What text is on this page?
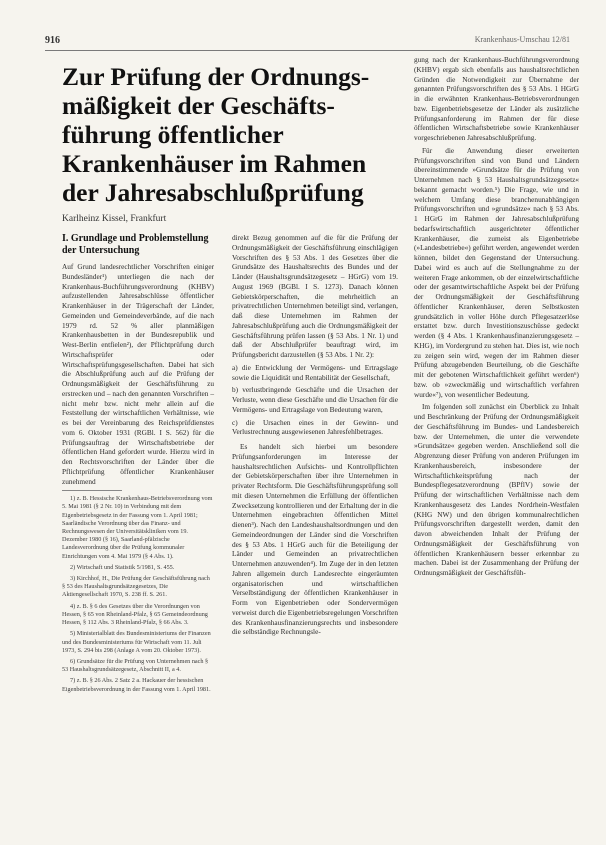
916	Krankenhaus-Umschau 12/81
Zur Prüfung der Ordnungs-
mäßigkeit der Geschäfts-
führung öffentlicher
Krankenhäuser im Rahmen
der Jahresabschlußprüfung
Karlheinz Kissel, Frankfurt
I. Grundlage und Problemstellung der Untersuchung

Auf Grund landesrechtlicher Vorschriften einiger Bundesländer¹) unterliegen die nach der Krankenhaus-Buchführungsverordnung (KHBV) aufzustellenden Jahresabschlüsse öffentlicher Krankenhäuser in der Trägerschaft der Länder, Gemeinden und Gemeindeverbände, auf die nach 1979 rd. 52 % aller planmäßigen Krankenhausbetten in der Bundesrepublik und West-Berlin entfielen²), der Pflichtprüfung durch Wirtschaftsprüfer oder Wirtschaftsprüfungsgesellschaften. Dabei hat sich die Abschlußprüfung auch auf die Prüfung der Ordnungsmäßigkeit der Geschäftsführung zu erstrecken und – nach den genannten Vorschriften – nicht mehr bzw. nicht mehr allein auf die Feststellung der wirtschaftlichen Verhältnisse, wie es bei der Vereinbarung des Reichsprüfdienstes vom 6. Oktober 1931 (RGBl. I S. 562) für die Prüfungsauftrag der Wirtschaftsbetriebe der öffentlichen Hand gefordert wurde. Hierzu wird in den Rechtsvorschriften der Länder über die Pflichtprüfung öffentlicher Krankenhäuser zunehmend

1) z. B. Hessische Krankenhaus-Betriebsverordnung vom 5. Mai 1981 (§ 2 Nr. 10) in Verbindung mit dem Eigenbetriebsgesetz in der Fassung vom 1. April 1981; Saarländische Verordnung über das Finanz- und Rechnungswesen der Universitätskliniken vom 19. Dezember 1980 (§ 16), Saarland-pfälzische Landesverordnung über die Prüfung kommunaler Einrichtungen vom 4. Mai 1979 (§ 4 Abs. 1).

2) Wirtschaft und Statistik 5/1981, S. 455.

3) Kirchhof, H., Die Prüfung der Geschäftsführung nach § 53 des Haushaltsgrundsätzegesetzes, Die Aktiengesellschaft 1970, S. 238 ff. S. 261.

4) z. B. § 6 des Gesetzes über die Verordnungen von Hessen, § 65 von Rheinland-Pfalz, § 65 Gemeindeordnung Hessen, § 112 Abs. 3 Rheinland-Pfalz, § 66 Abs. 3.

5) Ministerialblatt des Bundesministeriums der Finanzen und des Bundesministeriums für Wirtschaft vom 11. Juli 1973, S. 294 bis 298 (Anlage A vom 20. Oktober 1973).

6) Grundsätze für die Prüfung von Unternehmen nach § 53 Haushaltsgrundsätzegesetz, Abschnitt II, a 4.

7) z. B. § 26 Abs. 2 Satz 2 a. Hackauer der hessischen Eigenbetriebsverordnung in der Fassung vom 1. April 1981.

direkt Bezug genommen auf die für die Prüfung der Ordnungsmäßigkeit der Geschäftsführung einschlägigen Vorschriften des § 53 Abs. 1 des Gesetzes über die Grundsätze des Haushaltsrechts des Bundes und der Länder (Haushaltsgrundsätzegesetz – HGrG) vom 19. August 1969 (BGBl. I S. 1273). Danach können Gebietskörperschaften, die mehrheitlich an privatrechtlichen Unternehmen beteiligt sind, verlangen, daß diese Unternehmen im Rahmen der Jahresabschlußprüfung auch die Ordnungsmäßigkeit der Geschäftsführung prüfen lassen (§ 53 Abs. 1 Nr. 1) und daß der Abschlußprüfer beauftragt wird, im Prüfungsbericht darzustellen (§ 53 Abs. 1 Nr. 2):

a) die Entwicklung der Vermögens- und Ertragslage sowie die Liquidität und Rentabilität der Gesellschaft,

b) verlustbringende Geschäfte und die Ursachen der Verluste, wenn diese Geschäfte und die Ursachen für die Vermögens- und Ertragslage von Bedeutung waren,

c) die Ursachen eines in der Gewinn- und Verlustrechnung ausgewiesenen Jahresfehlbetrages.

Es handelt sich hierbei um besondere Prüfungsanforderungen im Interesse der haushaltsrechtlichen Aufsichts- und Kontrollpflichten der Gebietskörperschaften über ihre Unternehmen in privater Rechtsform. Die Geschäftsführungsprüfung soll mit diesen Unternehmen die Erfüllung der öffentlichen Zwecksetzung kontrollieren und der Erhaltung der in die Unternehmen eingebrachten öffentlichen Mittel dienen³). Nach den Landeshaushaltsordnungen und den Gemeindeordnungen der Länder sind die Vorschriften des § 53 Abs. 1 HGrG auch für die Beteiligung der Länder und Gemeinden an privatrechtlichen Unternehmen anzuwenden⁴). Im Zuge der in den letzten Jahren allgemein durch Landesrechte eingeräumten organisatorischen und wirtschaftlichen Verselbständigung der öffentlichen Krankenhäuser in Form von Eigenbetrieben oder Sondervermögen verweist durch die Eigenbetriebsregelungen Vorschriften des Krankenhausfinanzierungsrechts und insbesondere die selbständige Rechnungsle-

gung nach der Krankenhaus-Buchführungsverordnung (KHBV) ergab sich ebenfalls aus haushaltsrechtlichen Gründen die Notwendigkeit zur Übernahme der genannten Prüfungsvorschriften des § 53 Abs. 1 HGrG in die erwähnten Krankenhaus-Betriebsverordnungen bzw. Eigenbetriebsgesetze der Länder als zusätzliche Prüfungsanforderung im Rahmen der für diese öffentlichen Wirtschaftsbetriebe sowie Krankenhäuser vorgeschriebenen Jahresabschlußprüfung.

Für die Anwendung dieser erweiterten Prüfungsvorschriften sind von Bund und Ländern übereinstimmende »Grundsätze für die Prüfung von Unternehmen nach § 53 Haushaltsgrundsätzegesetz« bekannt gemacht worden.⁵) Die Frage, wie und in welchem Umfang diese branchenunabhängigen Prüfungsvorschriften und »grundsätze« nach § 53 Abs. 1 HGrG im Rahmen der Jahresabschlußprüfung bedarfswirtschaftlich ausgerichteter öffentlicher Krankenhäuser, die zumeist als Eigenbetriebe (»Landesbetriebe«) geführt werden, angewendet werden können, bildet den Gegenstand der Untersuchung. Dabei wird es auch auf die Stellungnahme zu der weiteren Frage ankommen, ob der einzelwirtschaftliche oder der gesamtwirtschaftliche Aspekt bei der Prüfung der Ordnungsmäßigkeit der Geschäftsführung öffentlicher Krankenhäuser, deren Selbstkosten grundsätzlich in voller Höhe durch Pflegesatzerlöse erstattet bzw. durch Investitionszuschüsse gedeckt werden (§ 4 Abs. 1 Krankenhausfinanzierungsgesetz – KHG), im Vordergrund zu stehen hat. Dies ist, wie noch zu zeigen sein wird, wegen der im Rahmen dieser Prüfung abzugebenden Beurteilung, ob die Geschäfte mit der gebotenen Wirtschaftlichkeit geführt werden⁶) bzw. ob »zweckmäßig und wirtschaftlich verfahren wurde«⁷), von wesentlicher Bedeutung.

Im folgenden soll zunächst ein Überblick zu Inhalt und Beschränkung der Prüfung der Ordnungsmäßigkeit der Geschäftsführung im Bundes- und Landesbereich bzw. der Unternehmen, die unter die verwendete »Grundsätze« gegeben werden. Anschließend soll die Abgrenzung dieser Prüfung von anderen Prüfungen im Krankenhausbereich, insbesondere der Wirtschaftlichkeitsprüfung nach der Bundespflegesatzverordnung (BPflV) sowie der Prüfung der wirtschaftlichen Verhältnisse nach dem Krankenhausgesetz des Landes Nordrhein-Westfalen (KHG NW) und den übrigen kommunalrechtlichen Prüfungsvorschriften dargestellt werden, damit den davon abweichenden Inhalt der Prüfung der Ordnungsmäßigkeit der Geschäftsführung von öffentlichen Krankenhäusern besser erkennbar zu machen. Dabei ist der Zusammenhang der Prüfung der Ordnungsmäßigkeit der Geschäftsfüh-
